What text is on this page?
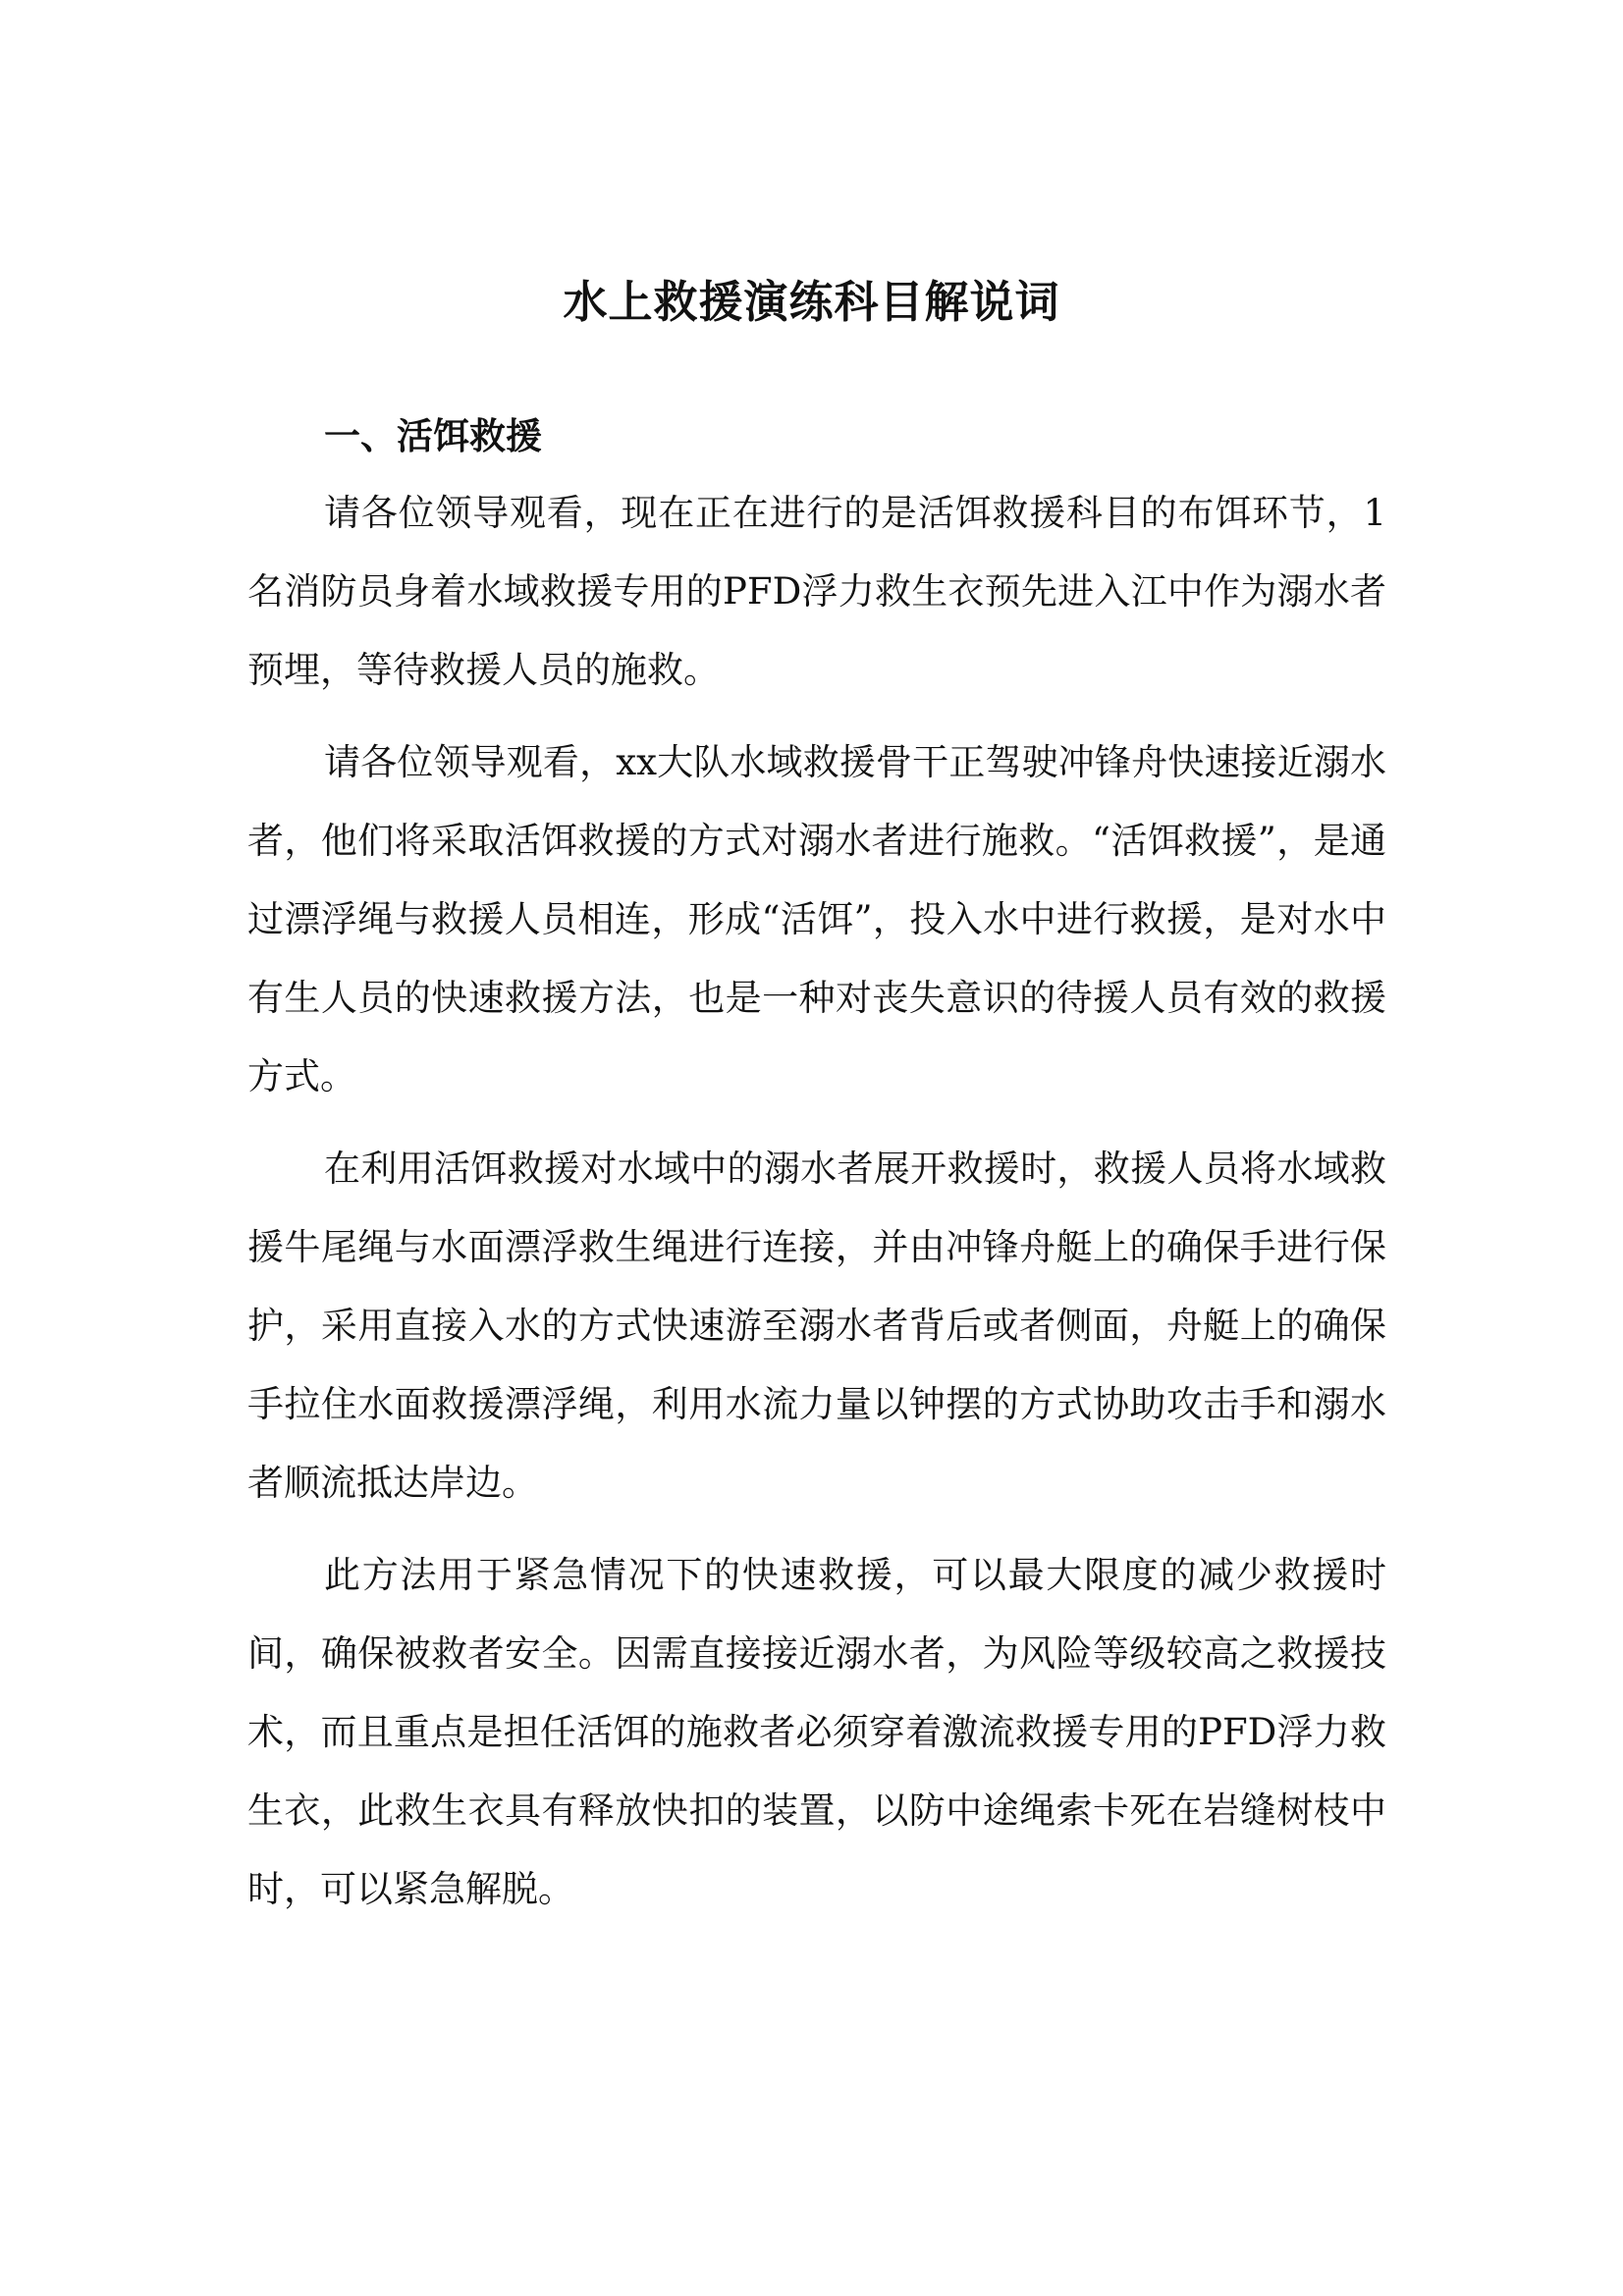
水上救援演练科目解说词
一、活饵救援

请各位领导观看，现在正在进行的是活饵救援科目的布饵环节，1名消防员身着水域救援专用的PFD浮力救生衣预先进入江中作为溺水者预埋，等待救援人员的施救。

请各位领导观看，xx大队水域救援骨干正驾驶冲锋舟快速接近溺水者，他们将采取活饵救援的方式对溺水者进行施救。“活饵救援”，是通过漂浮绳与救援人员相连，形成“活饵”，投入水中进行救援，是对水中有生人员的快速救援方法，也是一种对丧失意识的待援人员有效的救援方式。

在利用活饵救援对水域中的溺水者展开救援时，救援人员将水域救援牛尾绳与水面漂浮救生绳进行连接，并由冲锋舟艇上的确保手进行保护，采用直接入水的方式快速游至溺水者背后或者侧面，舟艇上的确保手拉住水面救援漂浮绳，利用水流力量以钟摆的方式协助攻击手和溺水者顺流抵达岸边。

此方法用于紧急情况下的快速救援，可以最大限度的减少救援时间，确保被救者安全。因需直接接近溺水者，为风险等级较高之救援技术，而且重点是担任活饵的施救者必须穿着激流救援专用的PFD浮力救生衣，此救生衣具有释放快扣的装置，以防中途绳索卡死在岩缝树枝中时，可以紧急解脱。
